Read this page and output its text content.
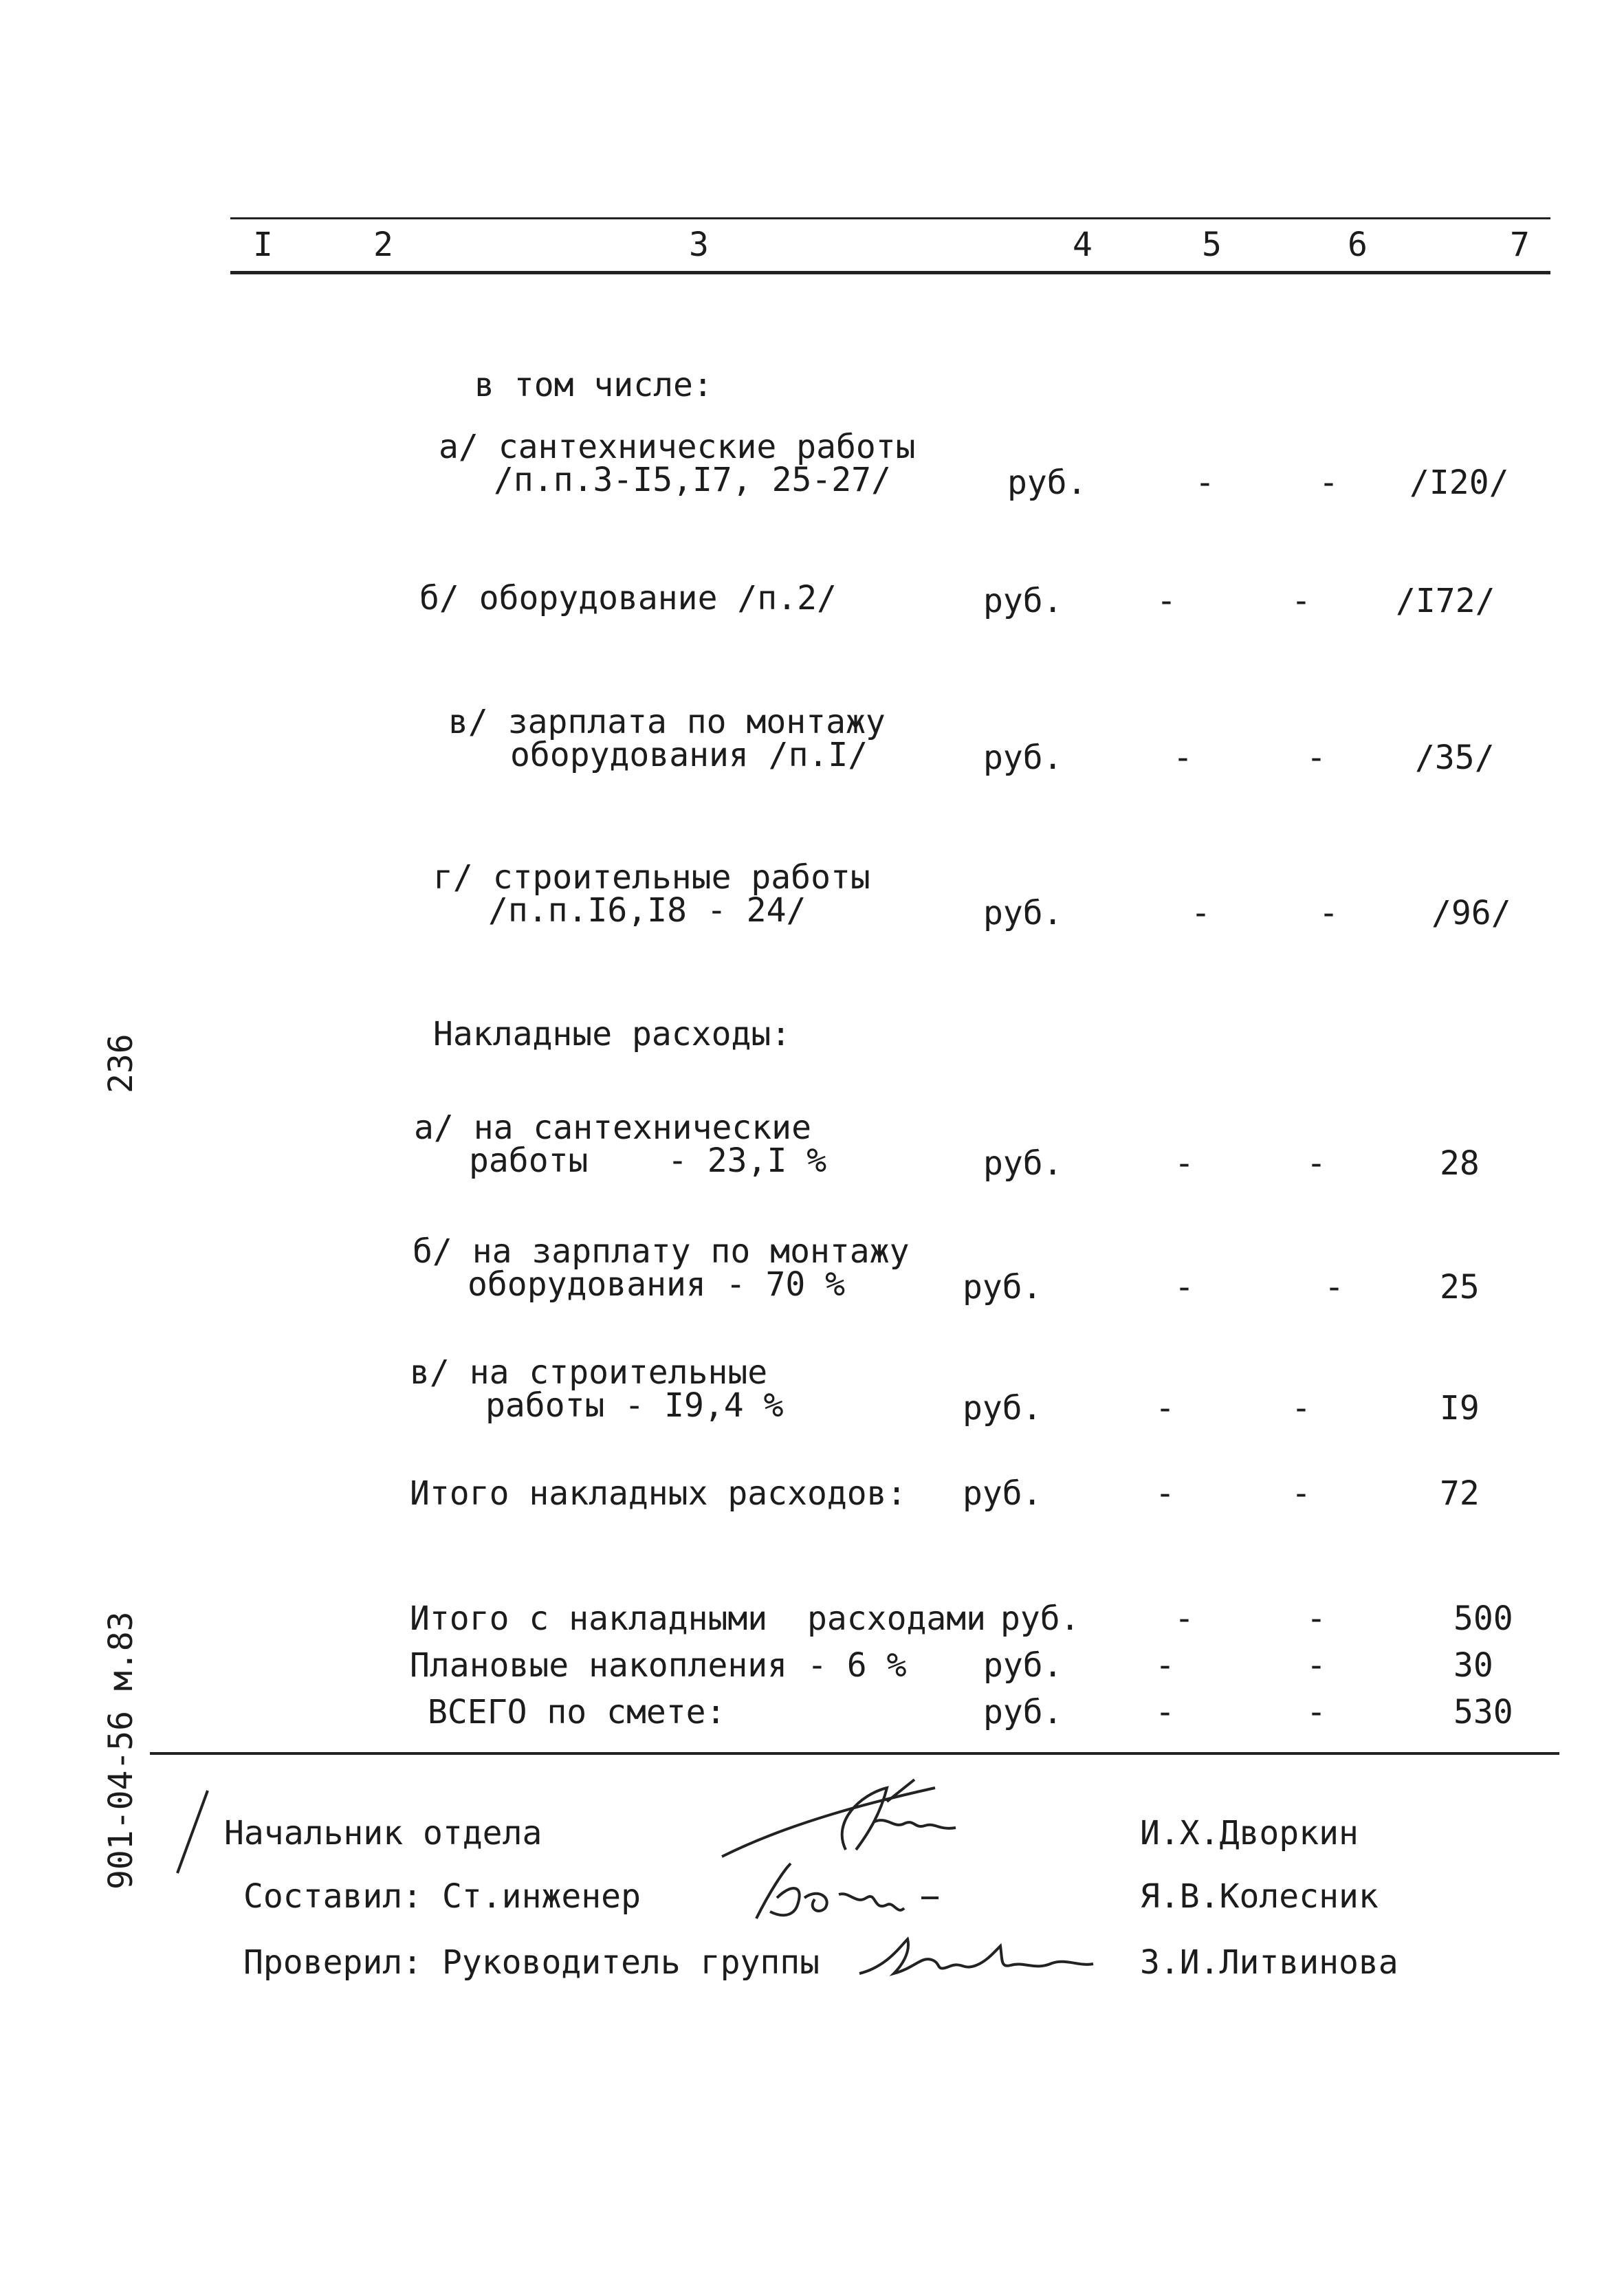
I	2	3	4	5	6	7
в том числе:
а/ сантехнические работы
/п.п.3-I5,I7, 25-27/	руб.	-	- /I20/
б/ оборудование /п.2/	руб.	-	-	/I72/
в/ зарплата по монтажу
оборудования /п.I/	руб.	-	-	/35/
г/ строительные работы
/п.п.I6,I8 - 24/	руб.	-	-	/96/
Накладные расходы:
а/ на сантехнические
работы    - 23,I %	руб.	-	-	28
б/ на зарплату по монтажу
оборудования - 70 %	руб.	-	-	25
в/ на строительные
работы - I9,4 %	руб.	-	-	I9
Итого накладных расходов: руб.	-	-	72
Итого с накладными  расходами руб.	-	-	500
Плановые накопления - 6 % руб.	-	-	30
ВСЕГО по смете:	руб.	-	-	530
Начальник отдела	И.Х.Дворкин
Составил: Ст.инженер	Я.В.Колесник
Проверил: Руководитель группы	З.И.Литвинова
236
901-04-56 м.83
